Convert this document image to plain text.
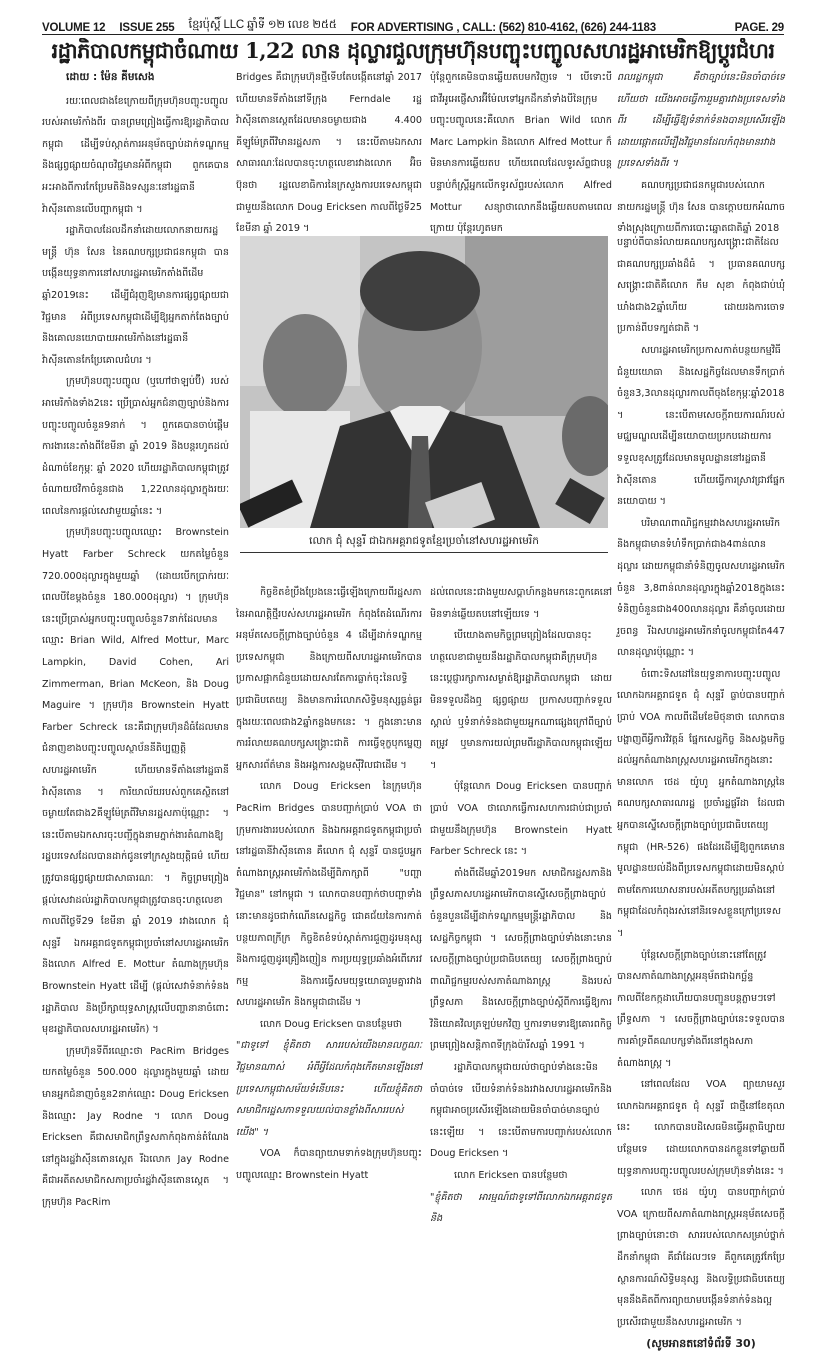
VOLUME 12 ISSUE 255 ខ្មែរប៉ុស្តិ៍ LLC ឆ្នាំទី ១២ លេខ ២៥៥ FOR ADVERTISING , CALL: (562) 810-4162, (626) 244-1183	PAGE. 29
រដ្ឋាភិបាលកម្ពុជាចំណាយ 1,22 លាន ដុល្លារជួលក្រុមហ៊ុនបញ្ចុះបញ្ចូលសហរដ្ឋអាមេរិកឱ្យប្តូរជំហរ

ដោយ : ម៉ែន គីមសេង

រយៈពេលជាងខែក្រោយពីក្រុមហ៊ុនបញ្ចុះបញ្ចូលរបស់អាមេរិកាំងពីរ បានព្រមព្រៀងធ្វើការឱ្យរដ្ឋាភិបាលកម្ពុជា ដើម្បីទប់ស្កាត់ការអនុម័តច្បាប់ដាក់ទណ្ឌកម្ម និងផ្សព្វផ្សាយចំណុចវិជ្ជមានអំពីកម្ពុជា ពួកគេបានអះអាងពីការកែប្រែមតិនិងទស្សនៈនៅរដ្ឋធានីវ៉ាស៊ីនតោនលើបញ្ហាកម្ពុជា ។

រដ្ឋាភិបាលដែលដឹកនាំដោយលោកនាយករដ្ឋមន្ត្រី ហ៊ុន សែន នៃគណបក្សប្រជាជនកម្ពុជា បានបង្កើនយុទ្ធនាការនៅសហរដ្ឋអាមេរិកតាំងពីដើមឆ្នាំ2019នេះ ដើម្បីជំរុញឱ្យមានការផ្សព្វផ្សាយជាវិជ្ជមាន អំពីប្រទេសកម្ពុជាដើម្បីឱ្យអ្នកតាក់តែងច្បាប់និងគោលនយោបាយអាមេរិកាំងនៅរដ្ឋធានីវ៉ាស៊ីនតោនកែប្រែគោលជំហរ ។

ក្រុមហ៊ុនបញ្ចុះបញ្ចូល (ឬហៅថាឡប់ប៊ី) របស់អាមេរិកាំងទាំង2នេះ ប្រើប្រាស់អ្នកជំនាញច្បាប់និងការបញ្ចុះបញ្ចូលចំនួន9នាក់ ។ ពួកគេបានចាប់ផ្តើមការងារនេះតាំងពីខែមីនា ឆ្នាំ 2019 និងបន្តរហូតដល់ដំណាច់ខែកុម្ភៈ ឆ្នាំ 2020 ហើយរដ្ឋាភិបាលកម្ពុជាត្រូវចំណាយថវិកាចំនួនជាង 1,22លានដុល្លារក្នុងរយៈពេលនៃការផ្តល់សេវាមួយឆ្នាំនេះ ។

ក្រុមហ៊ុនបញ្ចុះបញ្ចូលឈ្មោះ Brownstein Hyatt Farber Schreck យកតម្លៃចំនួន 720.000ដុល្លារក្នុងមួយឆ្នាំ (ដោយបើកប្រាក់រយៈពេលបីខែម្តងចំនួន 180.000ដុល្លារ) ។ ក្រុមហ៊ុននេះប្រើប្រាស់អ្នកបញ្ចុះបញ្ចូលចំនួន7នាក់ដែលមានឈ្មោះ Brian Wild, Alfred Mottur, Marc Lampkin, David Cohen, Ari Zimmerman, Brian McKeon, និង Doug Maguire ។ ក្រុមហ៊ុន Brownstein Hyatt Farber Schreck នេះគឺជាក្រុមហ៊ុនដ៏ធំដែលមានជំនាញខាងបញ្ចុះបញ្ចូលស្ថាប័ននីតិប្បញ្ញត្តិសហរដ្ឋអាមេរិក ហើយមានទីតាំងនៅរដ្ឋធានីវ៉ាស៊ីនតោន ។ ការិយាល័យរបស់ពួកគេស្ថិតនៅចម្ងាយតែជាង2គីឡូម៉ែត្រពីវិមានរដ្ឋសភាប៉ុណ្ណោះ ។ នេះបើតាមឯកសារចុះបញ្ជីក្នុងនាមភ្នាក់ងារតំណាងឱ្យរដ្ឋបរទេសដែលបានដាក់ជូនទៅក្រសួងយុត្តិធម៌ ហើយត្រូវបានផ្សព្វផ្សាយជាសាធារណៈ ។ កិច្ចព្រមព្រៀងផ្តល់សេវាដល់រដ្ឋាភិបាលកម្ពុជាត្រូវបានចុះហត្ថលេខាកាលពីថ្ងៃទី29 ខែមីនា ឆ្នាំ 2019 រវាងលោក ជុំ សុន្ទរី ឯកអគ្គរាជទូតកម្ពុជាប្រចាំនៅសហរដ្ឋអាមេរិក និងលោក Alfred E. Mottur តំណាងក្រុមហ៊ុន Brownstein Hyatt ដើម្បី (ផ្តល់សេវាទំនាក់ទំនងរដ្ឋាភិបាល និងប្រឹក្សាយុទ្ធសាស្ត្រលើបញ្ហានានាចំពោះមុខរដ្ឋាភិបាលសហរដ្ឋអាមេរិក) ។

ក្រុមហ៊ុនទីពីរឈ្មោះថា PacRim Bridges យកតម្លៃចំនួន 500.000 ដុល្លារក្នុងមួយឆ្នាំ ដោយមានអ្នកជំនាញចំនួន2នាក់ឈ្មោះ Doug Ericksen និងឈ្មោះ Jay Rodne ។ លោក Doug Ericksen គឺជាសមាជិកព្រឹទ្ធសភាកំពុងកាន់តំណែងនៅក្នុងរដ្ឋវ៉ាស៊ីនតោនស្តេត រីឯលោក Jay Rodne គឺជាអតីតសមាជិកសភាប្រចាំរដ្ឋវ៉ាស៊ីនតោនស្តេត ។ ក្រុមហ៊ុន PacRim

Bridges គឺជាក្រុមហ៊ុនថ្មីទើបតែបង្កើតនៅឆ្នាំ 2017 ហើយមានទីតាំងនៅទីក្រុង Ferndale រដ្ឋវ៉ាស៊ីនតោនស្តេតដែលមានចម្ងាយជាង 4.400 គីឡូម៉ែត្រពីវិមានរដ្ឋសភា ។ នេះបើតាមឯកសារសាធារណៈដែលបានចុះហត្ថលេខារវាងលោក អ៊ិច ប៊ុនថា រដ្ឋលេខាធិការនៃក្រសួងការបរទេសកម្ពុជាជាមួយនឹងលោក Doug Ericksen កាលពីថ្ងៃទី25 ខែមីនា ឆ្នាំ 2019 ។

ប៉ុន្តែពួកគេមិនបានឆ្លើយតបមកវិញទេ ។ បើទោះបីជាវីអូអេផ្ញើសារអ៊ីម៉ែលទៅអ្នកដឹកនាំទាំងបីនៃក្រុមបញ្ចុះបញ្ចូលនេះគឺលោក Brian Wild លោក Marc Lampkin និងលោក Alfred Mottur ក៏មិនមានការឆ្លើយតប ហើយពេលដែលទូរស័ព្ទជាបន្តបន្ទាប់ក៏ស្ត្រីអ្នកលើកទូរស័ព្ទរបស់លោក Alfred Mottur សន្យាថាលោកនឹងឆ្លើយតបតាមពេលក្រោយ ប៉ុន្តែរហូតមក

ពលរដ្ឋកម្ពុជា គឺថាច្បាប់នេះមិនចាំបាច់ទេ ហើយថា យើងអាចធ្វើការរួមគ្នារវាងប្រទេសទាំងពីរ ដើម្បីធ្វើឱ្យទំនាក់ទំនងបានប្រសើរឡើង ដោយផ្តោតលើរឿងវិជ្ជមានដែលកំពុងមានរវាងប្រទេសទាំងពីរ ។

គណបក្សប្រជាជនកម្ពុជារបស់លោកនាយករដ្ឋមន្ត្រី ហ៊ុន សែន បានក្តោបយកអំណាចទាំងស្រុងក្រោយពីការបោះឆ្នោតជាតិឆ្នាំ 2018

លោក ជុំ សុន្ទរី ជាឯកអគ្គរាជទូតខ្មែរប្រចាំនៅសហរដ្ឋអាមេរិក

កិច្ចខិតខំប្រឹងប្រែងនេះធ្វើឡើងក្រោយពីរដ្ឋសភានៃអាណត្តិថ្មីរបស់សហរដ្ឋអាមេរិក កំពុងតែដំណើរការអនុម័តសេចក្តីព្រាងច្បាប់ចំនួន 4 ដើម្បីដាក់ទណ្ឌកម្មប្រទេសកម្ពុជា និងក្រោយពីសហរដ្ឋអាមេរិកបានប្រកាសផ្អាកជំនួយដោយសារតែការធ្លាក់ចុះនៃលទ្ធិប្រជាធិបតេយ្យ និងមានការរំលោភសិទ្ធិមនុស្សធ្ងន់ធ្ងរក្នុងរយៈពេលជាង2ឆ្នាំកន្លងមកនេះ ។ ក្នុងនោះមានការរំលាយគណបក្សសង្គ្រោះជាតិ ការធ្វើទុក្ខបុកម្នេញអ្នកសារព័ត៌មាន និងអង្គការសង្គមស៊ីវិលជាដើម ។

លោក Doug Ericksen នៃក្រុមហ៊ុន PacRim Bridges បានបញ្ជាក់ប្រាប់ VOA ថា ក្រុមការងាររបស់លោក និងឯកអគ្គរាជទូតកម្ពុជាប្រចាំនៅរដ្ឋធានីវ៉ាស៊ីនតោន គឺលោក ជុំ សុន្ទរី បានជួបអ្នកតំណាងរាស្ត្រអាមេរិកាំងដើម្បីពិភាក្សាពី "បញ្ហាវិជ្ជមាន" នៅកម្ពុជា ។ លោកបានបញ្ជាក់ថាបញ្ហាទាំងនោះមានដូចជាកំណើនសេដ្ឋកិច្ច ជោគជ័យនៃការកាត់បន្ថយភាពក្រីក្រ កិច្ចខិតខំទប់ស្កាត់ការជួញដូរមនុស្ស និងការជួញដូរគ្រឿងញៀន ការប្រយុទ្ធប្រឆាំងអំពើភេរវកម្ម និងការធ្វើសមយុទ្ធយោធារួមគ្នារវាងសហរដ្ឋអាមេរិក និងកម្ពុជាជាដើម ។

លោក Doug Ericksen បានបន្ថែមថា

"ជាទូទៅ ខ្ញុំគិតថា សាររបស់យើងមានលក្ខណៈវិជ្ជមានណាស់ អំពីអ្វីដែលកំពុងកើតមានឡើងនៅប្រទេសកម្ពុជាសម័យទំនើបនេះ ហើយខ្ញុំគិតថាសមាជិករដ្ឋសភាទទួលយល់បានខ្លាំងពីសាររបស់យើង" ។

VOA ក៏បានព្យាយាមទាក់ទងក្រុមហ៊ុនបញ្ចុះបញ្ចូលឈ្មោះ Brownstein Hyatt

ដល់ពេលនេះជាងមួយសប្តាហ៍កន្លងមកនេះពួកគេនៅមិនទាន់ឆ្លើយតបនៅឡើយទេ ។

បើយោងតាមកិច្ចព្រមព្រៀងដែលបានចុះហត្ថលេខាជាមួយនឹងរដ្ឋាភិបាលកម្ពុជាគឺក្រុមហ៊ុននេះប្តេជ្ញារក្សាការសម្ងាត់ឱ្យរដ្ឋាភិបាលកម្ពុជា ដោយមិនទទួលដឹងឮ ផ្សព្វផ្សាយ ប្រកាសបញ្ជាក់ទទួលស្គាល់ ឬទំនាក់ទំនងជាមួយអ្នកណាផ្សេងក្រៅពីច្បាប់តម្រូវ ឬមានការយល់ព្រមពីរដ្ឋាភិបាលកម្ពុជាឡើយ ។

ប៉ុន្តែលោក Doug Ericksen បានបញ្ជាក់ប្រាប់ VOA ថាលោកធ្វើការសហការជាប់ជាប្រចាំជាមួយនឹងក្រុមហ៊ុន Brownstein Hyatt Farber Schreck នេះ ។

តាំងពីដើមឆ្នាំ2019មក សមាជិករដ្ឋសភានិងព្រឹទ្ធសភាសហរដ្ឋអាមេរិកបានស្នើសេចក្តីព្រាងច្បាប់ចំនួនបួនដើម្បីដាក់ទណ្ឌកម្មមន្ត្រីរដ្ឋាភិបាល និងសេដ្ឋកិច្ចកម្ពុជា ។ សេចក្តីព្រាងច្បាប់ទាំងនោះមាន សេចក្តីព្រាងច្បាប់ប្រជាធិបតេយ្យ សេចក្តីព្រាងច្បាប់ពាណិជ្ជកម្មរបស់សភាតំណាងរាស្ត្រ និងរបស់ព្រឹទ្ធសភា និងសេចក្តីព្រាងច្បាប់ស្តីពីការធ្វើឱ្យការវិនិយោគវិលត្រឡប់មកវិញ ឬការទាមទារឱ្យគោរពកិច្ចព្រមព្រៀងសន្តិភាពទីក្រុងប៉ារីសឆ្នាំ 1991 ។

រដ្ឋាភិបាលកម្ពុជាយល់ថាច្បាប់ទាំងនេះមិនចាំបាច់ទេ បើយទំនាក់ទំនងរវាងសហរដ្ឋអាមេរិកនិងកម្ពុជាអាចប្រសើរឡើងដោយមិនចាំបាច់មានច្បាប់នេះឡើយ ។ នេះបើតាមការបញ្ជាក់របស់លោក Doug Ericksen ។

លោក Ericksen បានបន្ថែមថា

"ខ្ញុំគិតថា អារម្មណ៍ជាទូទៅពីលោកឯកអគ្គរាជទូត និង

បន្ទាប់ពីបានរំលាយគណបក្សសង្គ្រោះជាតិដែលជាគណបក្សប្រឆាំងដ៏ធំ ។ ប្រធានគណបក្សសង្គ្រោះជាតិគឺលោក កឹម សុខា កំពុងជាប់ឃុំឃាំងជាង2ឆ្នាំហើយ ដោយរងការចោទប្រកាន់ពីបទក្បត់ជាតិ ។

សហរដ្ឋអាមេរិកប្រកាសកាត់បន្ថយកម្មវិធីជំនួយយោធា និងសេដ្ឋកិច្ចដែលមានទឹកប្រាក់ចំនួន3,3លានដុល្លារកាលពីចុងខែកុម្ភៈឆ្នាំ2018 ។ នេះបើតាមសេចក្តីរាយការណ៍របស់មជ្ឈមណ្ឌលដើម្បីនយោបាយប្រកបដោយការទទួលខុសត្រូវដែលមានមូលដ្ឋាននៅរដ្ឋធានីវ៉ាស៊ីនតោន ហើយធ្វើការស្រាវជ្រាវផ្នែកនយោបាយ ។

បរិមាណពាណិជ្ជកម្មរវាងសហរដ្ឋអាមេរិក និងកម្ពុជាមានទំហំទឹកប្រាក់ជាង4ពាន់លានដុល្លារ ដោយកម្ពុជានាំទំនិញចូលសហរដ្ឋអាមេរិកចំនួន 3,8ពាន់លានដុល្លារក្នុងឆ្នាំ2018ក្នុងនេះ ទំនិញចំនួនជាង400លានដុល្លារ គឺនាំចូលដោយរួចពន្ធ រីឯសហរដ្ឋអាមេរិកនាំចូលកម្ពុជាតែ447 លានដុល្លារប៉ុណ្ណោះ ។

ចំពោះទិសដៅនៃយុទ្ធនាការបញ្ចុះបញ្ចូល លោកឯកអគ្គរាជទូត ជុំ សុន្ទរី ធ្លាប់បានបញ្ជាក់ប្រាប់ VOA កាលពីដើមខែមិថុនាថា លោកបានបង្ហាញពីអ្វីការវិវត្តន៍ ផ្នែកសេដ្ឋកិច្ច និងសង្គមកិច្ចដល់អ្នកតំណាងរាស្ត្រសហរដ្ឋអាមេរិកក្នុងនោះមានលោក ថេដ យ៉ូហូ អ្នកតំណាងរាស្ត្រនៃគណបក្សសាធារណរដ្ឋ ប្រចាំរដ្ឋផ្លរីដា ដែលជាអ្នកបានស្នើសេចក្តីព្រាងច្បាប់ប្រជាធិបតេយ្យកម្ពុជា (HR-526) ផងដែរដើម្បីឱ្យពួកគេមានមូលដ្ឋានយល់ដឹងពីប្រទេសកម្ពុជាដោយមិនស្តាប់តាមតែការឃោសនារបស់អតីតបក្សប្រឆាំងនៅកម្ពុជាដែលកំពុងរស់នៅនិរទេសខ្លួនក្រៅប្រទេស ។

ប៉ុន្តែសេចក្តីព្រាងច្បាប់នោះនៅតែត្រូវបានសភាតំណាងរាស្ត្រអនុម័តជាឯកច្ឆ័ន្ទ កាលពីខែកក្កដាហើយបានបញ្ជូនបន្តភ្លាមៗទៅព្រឹទ្ធសភា ។ សេចក្តីព្រាងច្បាប់នេះទទួលបានការគាំទ្រពីគណបក្សទាំងពីរនៅក្នុងសភាតំណាងរាស្ត្រ ។

នៅពេលដែល VOA ព្យាយាមសួរលោកឯកអគ្គរាជទូត ជុំ សុន្ទរី ជាថ្មីនៅខែតុលានេះ លោកបានបដិសេធមិនធ្វើអត្ថាធិប្បាយបន្ថែមទេ ដោយលោកបានដកខ្លួនទៅឆ្ងាយពីយុទ្ធនាការបញ្ចុះបញ្ចូលរបស់ក្រុមហ៊ុនទាំងនេះ ។

លោក ថេដ យ៉ូហូ បានបញ្ជាក់ប្រាប់ VOA ក្រោយពីសភាតំណាងរាស្ត្រអនុម័តសេចក្តីព្រាងច្បាប់នោះថា សាររបស់លោកសម្រាប់ថ្នាក់ដឹកនាំកម្ពុជា គឺជាំដែលៗទេ គឺពួកគេត្រូវកែប្រែស្ថានការណ៍សិទ្ធិមនុស្ស និងលទ្ធិប្រជាធិបតេយ្យមុននឹងគិតពីការព្យាយាមបង្កើនទំនាក់ទំនងល្អប្រសើរជាមួយនឹងសហរដ្ឋអាមេរិក ។

(សូមអានតនៅទំព័រទី 30)
